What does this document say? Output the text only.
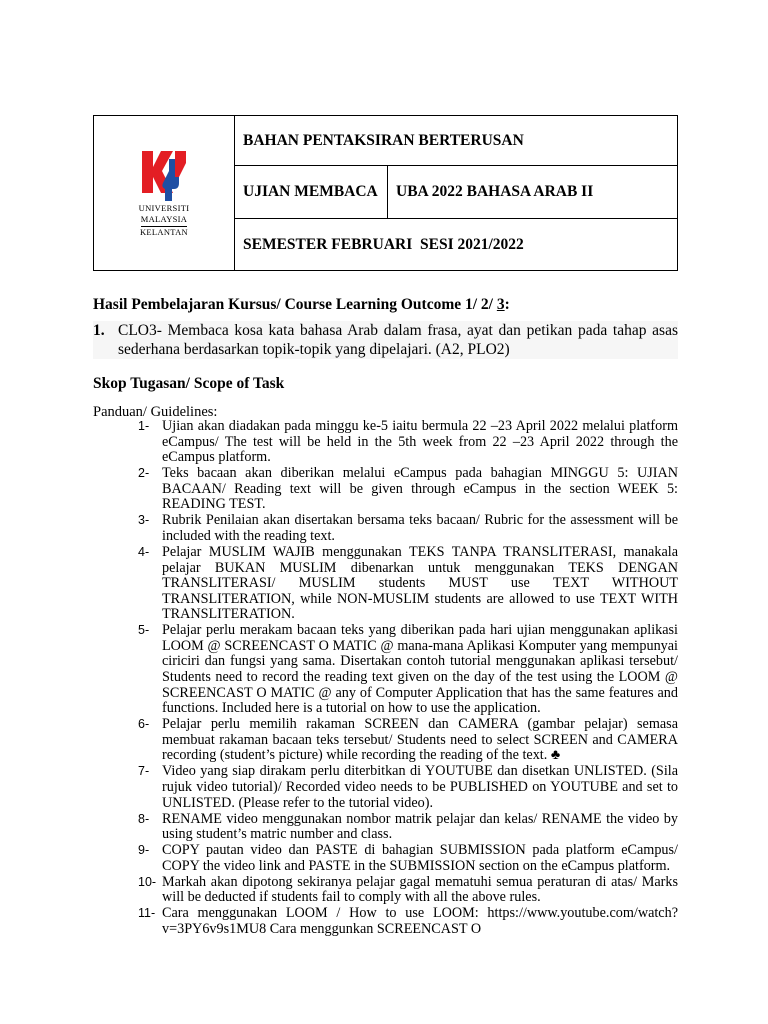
UNIVERSITI
MALAYSIA
KELANTAN	BAHAN PENTAKSIRAN BERTERUSAN	
	UJIAN MEMBACA	UBA 2022 BAHASA ARAB II
	SEMESTER FEBRUARI  SESI 2021/2022	
Hasil Pembelajaran Kursus/ Course Learning Outcome 1/ 2/ 3:
1. CLO3- Membaca kosa kata bahasa Arab dalam frasa, ayat dan petikan pada tahap asas sederhana berdasarkan topik-topik yang dipelajari. (A2, PLO2)
Skop Tugasan/ Scope of Task
Panduan/ Guidelines:
1- Ujian akan diadakan pada minggu ke-5 iaitu bermula 22 –23 April 2022 melalui platform eCampus/ The test will be held in the 5th week from 22 –23 April 2022 through the eCampus platform.
2- Teks bacaan akan diberikan melalui eCampus pada bahagian MINGGU 5: UJIAN BACAAN/ Reading text will be given through eCampus in the section WEEK 5: READING TEST.
3- Rubrik Penilaian akan disertakan bersama teks bacaan/ Rubric for the assessment will be included with the reading text.
4- Pelajar MUSLIM WAJIB menggunakan TEKS TANPA TRANSLITERASI, manakala pelajar BUKAN MUSLIM dibenarkan untuk menggunakan TEKS DENGAN TRANSLITERASI/ MUSLIM students MUST use TEXT WITHOUT TRANSLITERATION, while NON-MUSLIM students are allowed to use TEXT WITH TRANSLITERATION.
5- Pelajar perlu merakam bacaan teks yang diberikan pada hari ujian menggunakan aplikasi LOOM @ SCREENCAST O MATIC @ mana-mana Aplikasi Komputer yang mempunyai ciriciri dan fungsi yang sama. Disertakan contoh tutorial menggunakan aplikasi tersebut/ Students need to record the reading text given on the day of the test using the LOOM @ SCREENCAST O MATIC @ any of Computer Application that has the same features and functions. Included here is a tutorial on how to use the application.
6- Pelajar perlu memilih rakaman SCREEN dan CAMERA (gambar pelajar) semasa membuat rakaman bacaan teks tersebut/ Students need to select SCREEN and CAMERA recording (student’s picture) while recording the reading of the text. ♣
7- Video yang siap dirakam perlu diterbitkan di YOUTUBE dan disetkan UNLISTED. (Sila rujuk video tutorial)/ Recorded video needs to be PUBLISHED on YOUTUBE and set to UNLISTED. (Please refer to the tutorial video).
8- RENAME video menggunakan nombor matrik pelajar dan kelas/ RENAME the video by using student’s matric number and class.
9- COPY pautan video dan PASTE di bahagian SUBMISSION pada platform eCampus/ COPY the video link and PASTE in the SUBMISSION section on the eCampus platform.
10- Markah akan dipotong sekiranya pelajar gagal mematuhi semua peraturan di atas/ Marks will be deducted if students fail to comply with all the above rules.
11- Cara menggunakan LOOM / How to use LOOM: https://www.youtube.com/watch?v=3PY6v9s1MU8 Cara menggunkan SCREENCAST O
